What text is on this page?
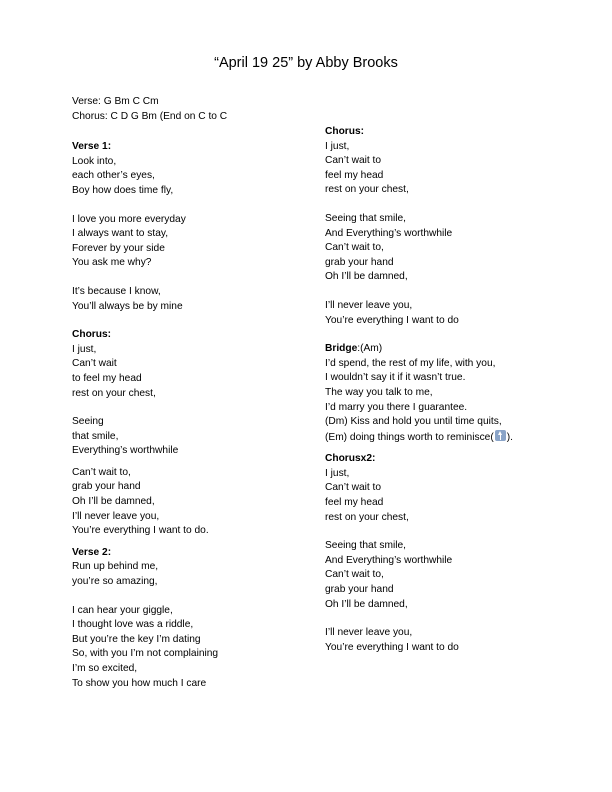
“April 19 25” by Abby Brooks
Verse: G Bm C Cm
Chorus: C D G Bm (End on C to C
Verse 1:
Look into,
each other’s eyes,
Boy how does time fly,
I love you more everyday
I always want to stay,
Forever by your side
You ask me why?
It’s because I know,
You’ll always be by mine
Chorus:
I just,
Can’t wait
to feel my head
rest on your chest,
Seeing
that smile,
Everything’s worthwhile
Can’t wait to,
grab your hand
Oh I’ll be damned,
I’ll never leave you,
You’re everything I want to do.
Verse 2:
Run up behind me,
you’re so amazing,
I can hear your giggle,
I thought love was a riddle,
But you’re the key I’m dating
So, with you I’m not complaining
I’m so excited,
To show you how much I care
Chorus:
I just,
Can’t wait to
feel my head
rest on your chest,
Seeing that smile,
And Everything’s worthwhile
Can’t wait to,
grab your hand
Oh I’ll be damned,
I’ll never leave you,
You’re everything I want to do
Bridge:(Am)
I’d spend, the rest of my life, with you,
I wouldn’t say it if it wasn’t true.
The way you talk to me,
I’d marry you there I guarantee.
(Dm) Kiss and hold you until time quits,
(Em) doing things worth to reminisce( ).
Chorusx2:
I just,
Can’t wait to
feel my head
rest on your chest,
Seeing that smile,
And Everything’s worthwhile
Can’t wait to,
grab your hand
Oh I’ll be damned,
I’ll never leave you,
You’re everything I want to do
